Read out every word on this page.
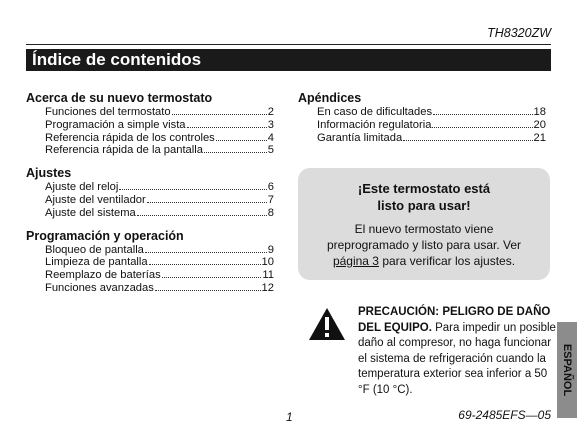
TH8320ZW
Índice de contenidos
Acerca de su nuevo termostato
Funciones del termostato	2
Programación a simple vista	3
Referencia rápida de los controles	4
Referencia rápida de la pantalla	5
Ajustes
Ajuste del reloj	6
Ajuste del ventilador	7
Ajuste del sistema	8
Programación y operación
Bloqueo de pantalla	9
Limpieza de pantalla	10
Reemplazo de baterías	11
Funciones avanzadas	12
Apéndices
En caso de dificultades	18
Información regulatoria	20
Garantía limitada	21
¡Este termostato está
listo para usar!
El nuevo termostato viene
preprogramado y listo para usar. Ver
página 3 para verificar los ajustes.
PRECAUCIÓN: PELIGRO DE DAÑO DEL EQUIPO. Para impedir un posible daño al compresor, no haga funcionar el sistema de refrigeración cuando la temperatura exterior sea inferior a 50 °F (10 °C).	ESPAÑOL
1	69-2485EFS—05
